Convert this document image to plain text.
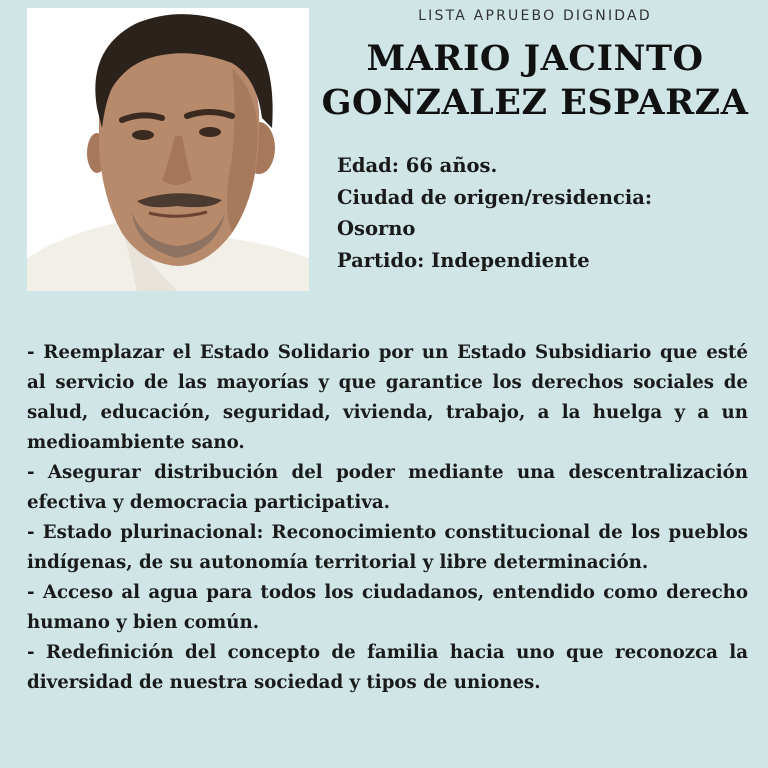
LISTA APRUEBO DIGNIDAD
MARIO JACINTO
GONZALEZ ESPARZA
Edad: 66 años.
Ciudad de origen/residencia:
Osorno
Partido: Independiente

- Reemplazar el Estado Solidario por un Estado Subsidiario que esté al servicio de las mayorías y que garantice los derechos sociales de salud, educación, seguridad, vivienda, trabajo, a la huelga y a un medioambiente sano.

- Asegurar distribución del poder mediante una descentralización efectiva y democracia participativa.

- Estado plurinacional: Reconocimiento constitucional de los pueblos indígenas, de su autonomía territorial y libre determinación.

- Acceso al agua para todos los ciudadanos, entendido como derecho humano y bien común.

- Redefinición del concepto de familia hacia uno que reconozca la diversidad de nuestra sociedad y tipos de uniones.
